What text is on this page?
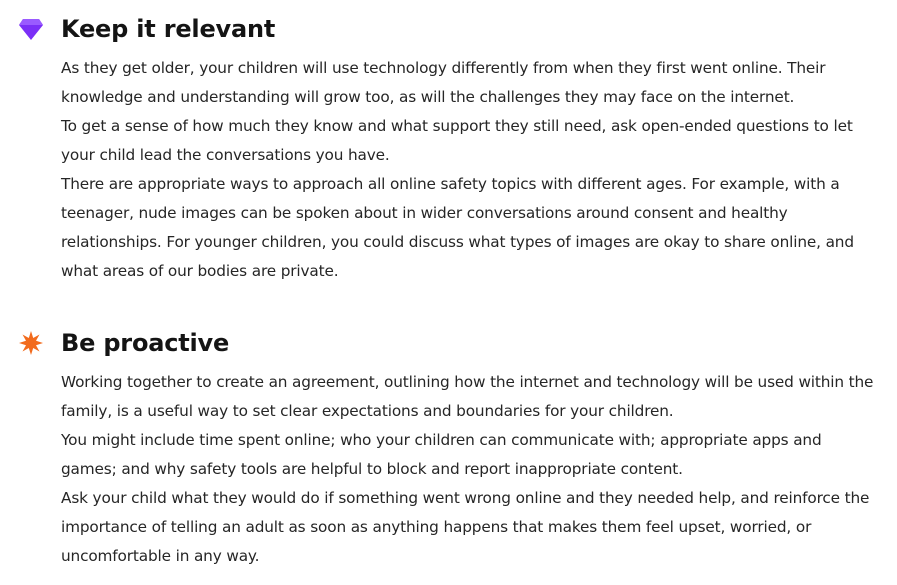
Keep it relevant

As they get older, your children will use technology differently from when they first went online. Their knowledge and understanding will grow too, as will the challenges they may face on the internet.

To get a sense of how much they know and what support they still need, ask open-ended questions to let your child lead the conversations you have.

There are appropriate ways to approach all online safety topics with different ages. For example, with a teenager, nude images can be spoken about in wider conversations around consent and healthy relationships. For younger children, you could discuss what types of images are okay to share online, and what areas of our bodies are private.

Be proactive

Working together to create an agreement, outlining how the internet and technology will be used within the family, is a useful way to set clear expectations and boundaries for your children.

You might include time spent online; who your children can communicate with; appropriate apps and games; and why safety tools are helpful to block and report inappropriate content.

Ask your child what they would do if something went wrong online and they needed help, and reinforce the importance of telling an adult as soon as anything happens that makes them feel upset, worried, or uncomfortable in any way.
